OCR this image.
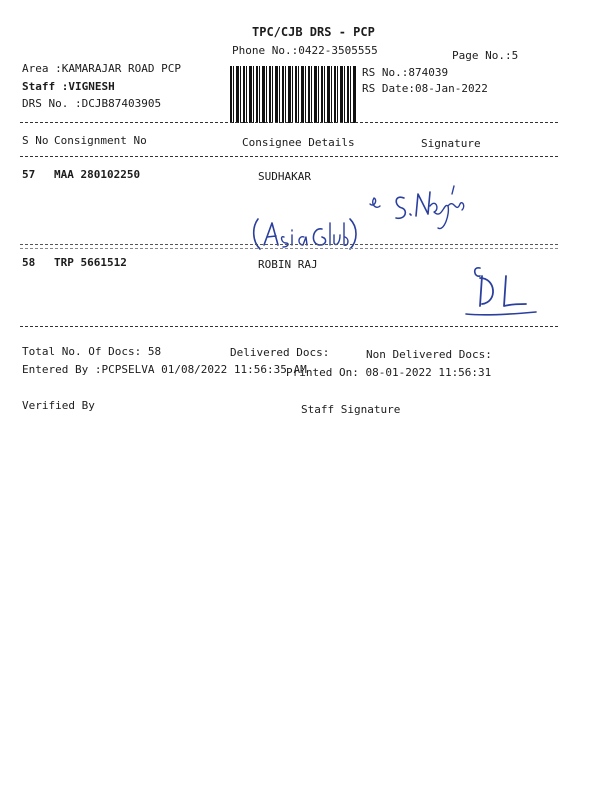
TPC/CJB DRS - PCP
Phone No.:0422-3505555	Page No.:5
Area :KAMARAJAR ROAD PCP
Staff :VIGNESH
DRS No. :DCJB87403905
RS No.:874039
RS Date:08-Jan-2022
S No Consignment No	Consignee Details	Signature
57 MAA 280102250	SUDHAKAR
58 TRP 5661512	ROBIN RAJ
Total No. Of Docs: 58	Delivered Docs:	Non Delivered Docs:
Entered By :PCPSELVA 01/08/2022 11:56:35 AM
Printed On: 08-01-2022 11:56:31
Verified By	Staff Signature
